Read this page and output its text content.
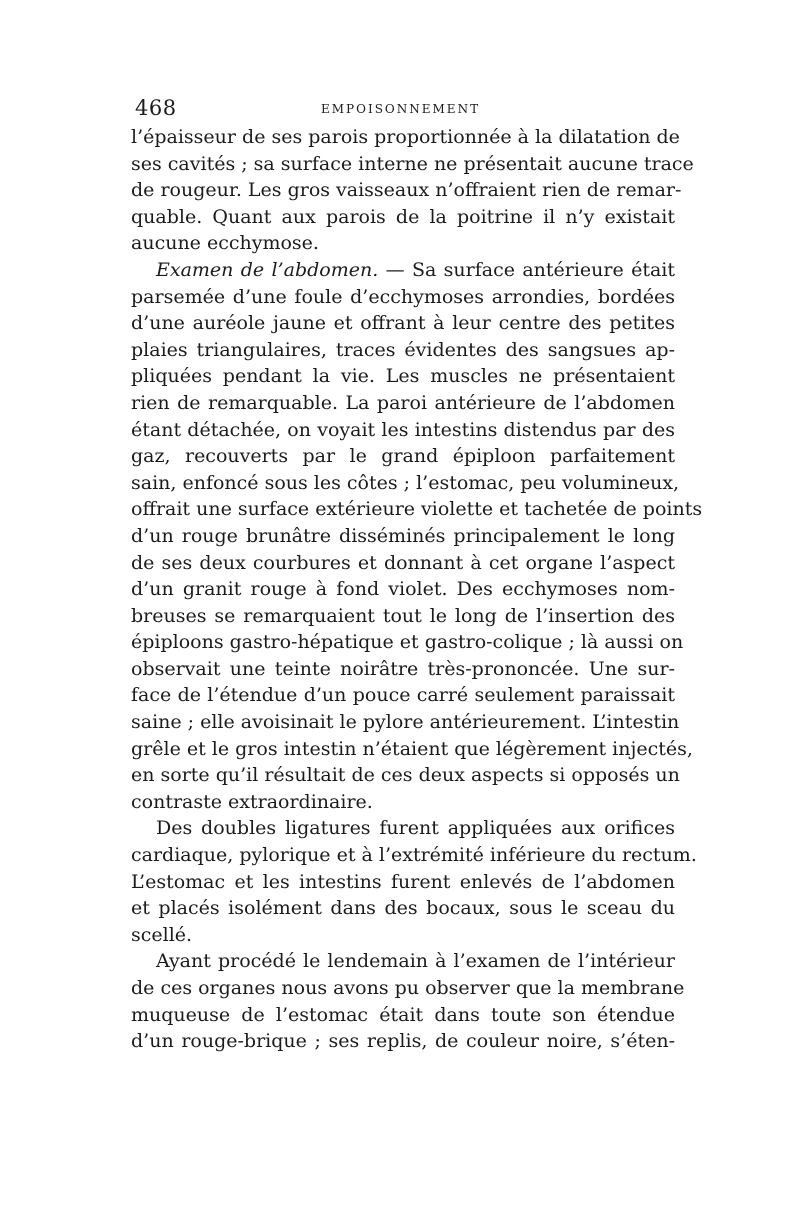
468	EMPOISONNEMENT
l’épaisseur de ses parois proportionnée à la dilatation de
ses cavités ; sa surface interne ne présentait aucune trace
de rougeur. Les gros vaisseaux n’offraient rien de remar-
quable. Quant aux parois de la poitrine il n’y existait
aucune ecchymose.
Examen de l’abdomen. — Sa surface antérieure était
parsemée d’une foule d’ecchymoses arrondies, bordées
d’une auréole jaune et offrant à leur centre des petites
plaies triangulaires, traces évidentes des sangsues ap-
pliquées pendant la vie. Les muscles ne présentaient
rien de remarquable. La paroi antérieure de l’abdomen
étant détachée, on voyait les intestins distendus par des
gaz, recouverts par le grand épiploon parfaitement
sain, enfoncé sous les côtes ; l’estomac, peu volumineux,
offrait une surface extérieure violette et tachetée de points
d’un rouge brunâtre disséminés principalement le long
de ses deux courbures et donnant à cet organe l’aspect
d’un granit rouge à fond violet. Des ecchymoses nom-
breuses se remarquaient tout le long de l’insertion des
épiploons gastro-hépatique et gastro-colique ; là aussi on
observait une teinte noirâtre très-prononcée. Une sur-
face de l’étendue d’un pouce carré seulement paraissait
saine ; elle avoisinait le pylore antérieurement. L’intestin
grêle et le gros intestin n’étaient que légèrement injectés,
en sorte qu’il résultait de ces deux aspects si opposés un
contraste extraordinaire.
Des doubles ligatures furent appliquées aux orifices
cardiaque, pylorique et à l’extrémité inférieure du rectum.
L’estomac et les intestins furent enlevés de l’abdomen
et placés isolément dans des bocaux, sous le sceau du
scellé.
Ayant procédé le lendemain à l’examen de l’intérieur
de ces organes nous avons pu observer que la membrane
muqueuse de l’estomac était dans toute son étendue
d’un rouge-brique ; ses replis, de couleur noire, s’éten-
